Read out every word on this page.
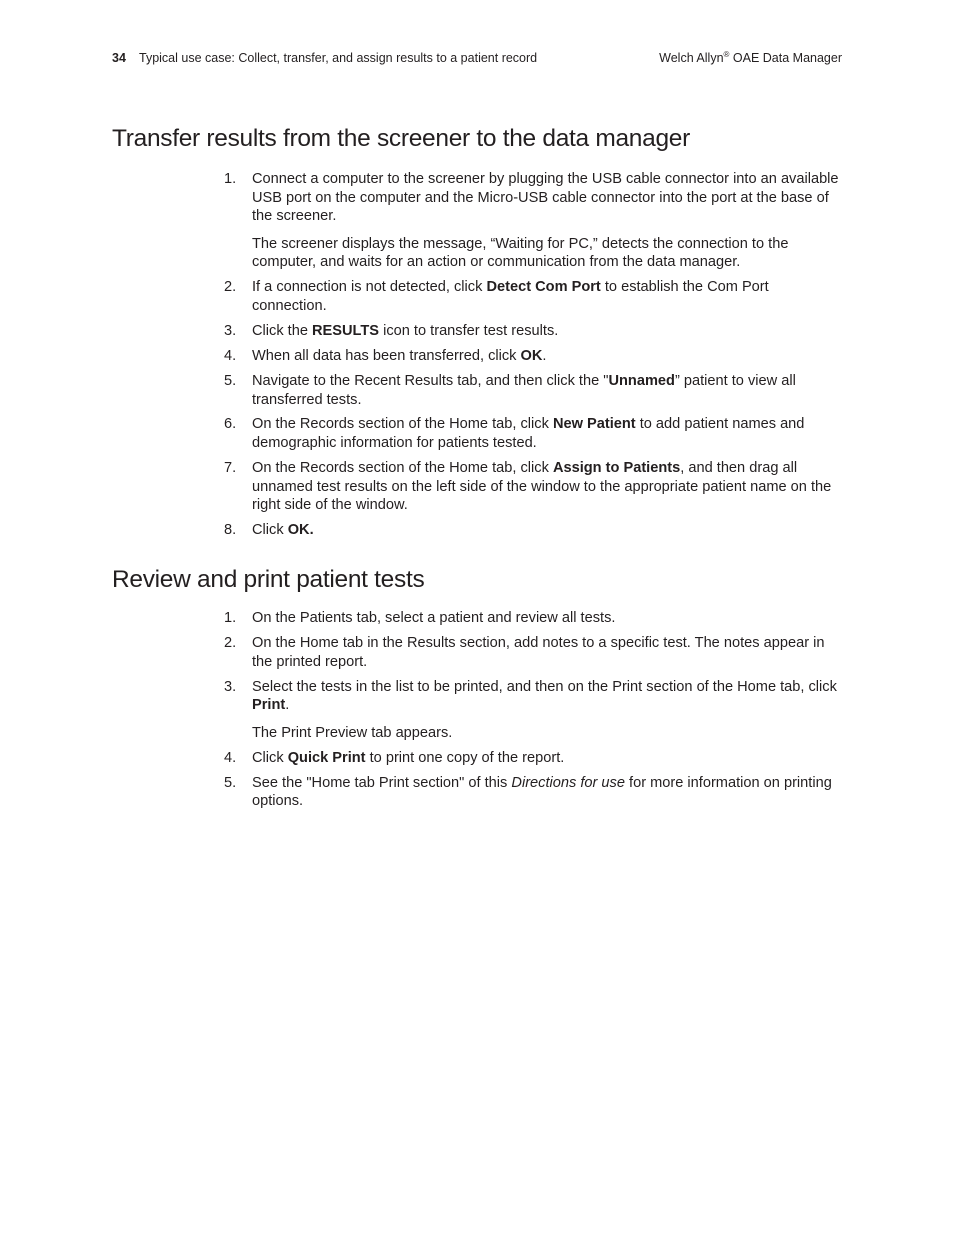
34 Typical use case: Collect, transfer, and assign results to a patient record	Welch Allyn® OAE Data Manager
Transfer results from the screener to the data manager
1. Connect a computer to the screener by plugging the USB cable connector into an available USB port on the computer and the Micro-USB cable connector into the port at the base of the screener.
The screener displays the message, “Waiting for PC,” detects the connection to the computer, and waits for an action or communication from the data manager.
2. If a connection is not detected, click Detect Com Port to establish the Com Port connection.
3. Click the RESULTS icon to transfer test results.
4. When all data has been transferred, click OK.
5. Navigate to the Recent Results tab, and then click the "Unnamed” patient to view all transferred tests.
6. On the Records section of the Home tab, click New Patient to add patient names and demographic information for patients tested.
7. On the Records section of the Home tab, click Assign to Patients, and then drag all unnamed test results on the left side of the window to the appropriate patient name on the right side of the window.
8. Click OK.
Review and print patient tests
1. On the Patients tab, select a patient and review all tests.
2. On the Home tab in the Results section, add notes to a specific test. The notes appear in the printed report.
3. Select the tests in the list to be printed, and then on the Print section of the Home tab, click Print.
The Print Preview tab appears.
4. Click Quick Print to print one copy of the report.
5. See the "Home tab Print section" of this Directions for use for more information on printing options.
